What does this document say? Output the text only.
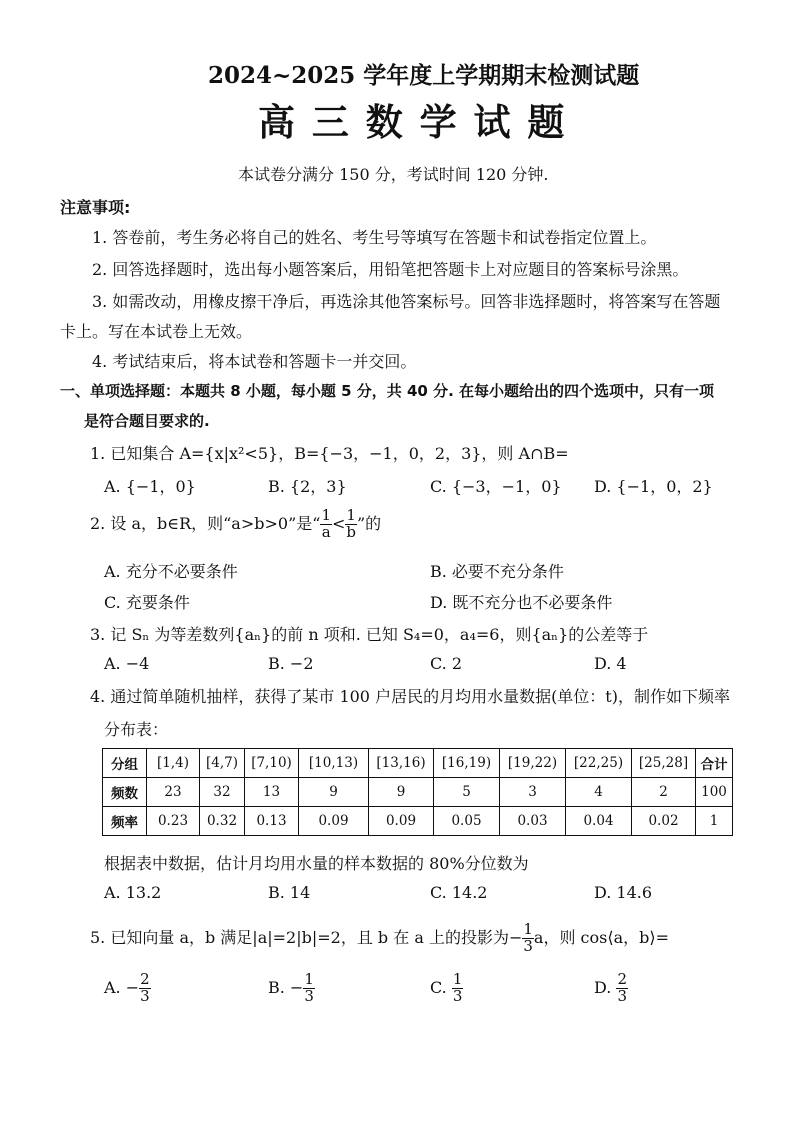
2024~2025 学年度上学期期末检测试题
高 三 数 学 试 题
本试卷分满分 150 分，考试时间 120 分钟.
注意事项:
1. 答卷前，考生务必将自己的姓名、考生号等填写在答题卡和试卷指定位置上。
2. 回答选择题时，选出每小题答案后，用铅笔把答题卡上对应题目的答案标号涂黑。
3. 如需改动，用橡皮擦干净后，再选涂其他答案标号。回答非选择题时，将答案写在答题
卡上。写在本试卷上无效。
4. 考试结束后，将本试卷和答题卡一并交回。
一、单项选择题：本题共 8 小题，每小题 5 分，共 40 分. 在每小题给出的四个选项中，只有一项
是符合题目要求的.
1. 已知集合 A={x|x²<5}，B={−3，−1，0，2，3}，则 A∩B=
A. {−1，0}	B. {2，3}	C. {−3，−1，0} D. {−1，0，2}
2. 设 a，b∈R，则“a>b>0”是“ $\frac{1}{a} < \frac{1}{b}$ ”的
A. 充分不必要条件	B. 必要不充分条件
C. 充要条件	D. 既不充分也不必要条件
3. 记 Sₙ 为等差数列{aₙ}的前 n 项和. 已知 S₄=0，a₄=6，则{aₙ}的公差等于
A. −4	B. −2	C. 2	D. 4
4. 通过简单随机抽样，获得了某市 100 户居民的月均用水量数据(单位：t)，制作如下频率
分布表：
分组	[1,4)	[4,7)	[7,10)	[10,13)	[13,16)	[16,19)	[19,22)	[22,25)	[25,28]	合计
频数	23	32	13	9	9	5	3	4	2	100
频率	0.23	0.32	0.13	0.09	0.09	0.05	0.03	0.04	0.02	1
根据表中数据，估计月均用水量的样本数据的 80%分位数为
A. 13.2	B. 14	C. 14.2	D. 14.6
5. 已知向量 a，b 满足|a|=2|b|=2，且 b 在 a 上的投影为− $\frac{1}{3}$ a，则 cos⟨a，b⟩=
A. − $\frac{2}{3}$	B. − $\frac{1}{3}$	C. $\frac{1}{3}$	D. $\frac{2}{3}$
